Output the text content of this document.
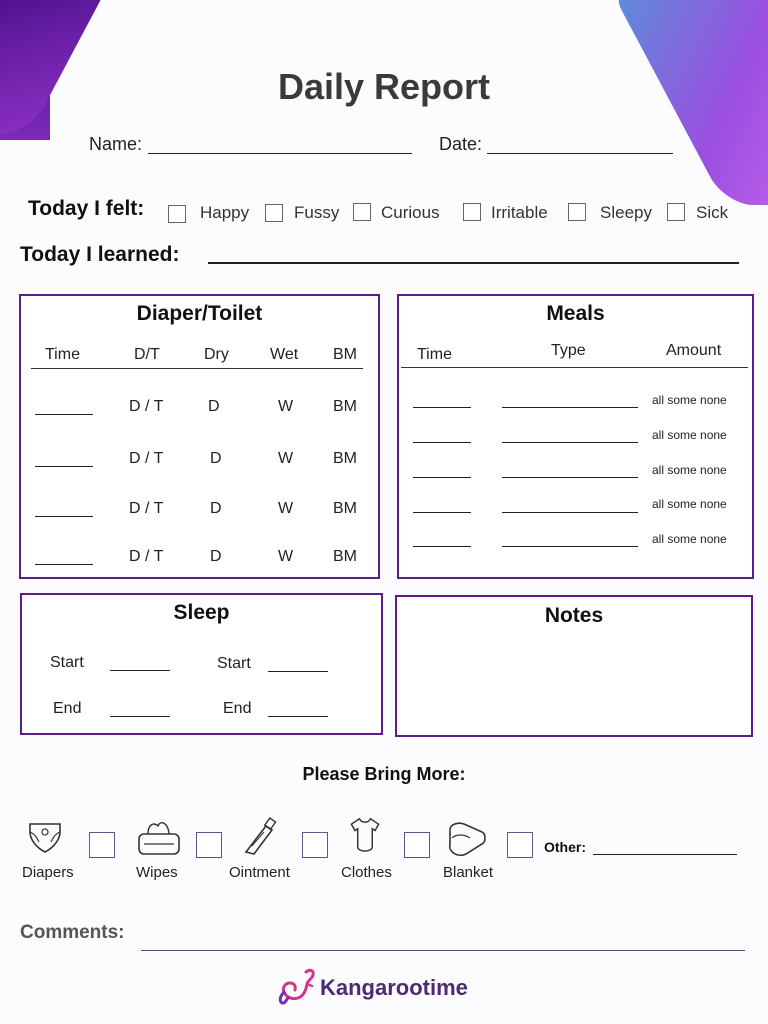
Daily Report
Name:	Date:
Today I felt:	Happy	Fussy Curious	Irritable	Sleepy	Sick
Today I learned:
Diaper/Toilet
Time	D/T	Dry	Wet BM
D / T	D	W BM
D / T	D	W BM
D / T	D	W BM
D / T	D	W BM
Meals
Time	Type	Amount
all some none
all some none
all some none
all some none
all some none
Sleep
Start	Start
End	End
Notes
Please Bring More:
Diapers	Wipes	Ointment	Clothes	Blanket
Other:
Comments:
Kangarootime
